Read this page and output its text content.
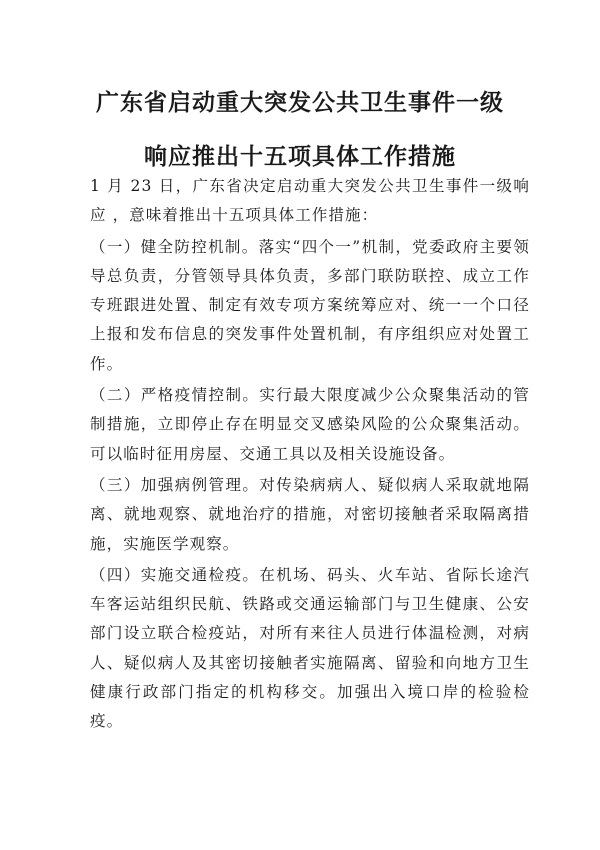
广东省启动重大突发公共卫生事件一级
响应推出十五项具体工作措施

1 月 23 日，广东省决定启动重大突发公共卫生事件一级响应 ，意味着推出十五项具体工作措施：

（一）健全防控机制。落实“四个一”机制，党委政府主要领导总负责，分管领导具体负责，多部门联防联控、成立工作专班跟进处置、制定有效专项方案统筹应对、统一一个口径上报和发布信息的突发事件处置机制，有序组织应对处置工作。

（二）严格疫情控制。实行最大限度减少公众聚集活动的管制措施，立即停止存在明显交叉感染风险的公众聚集活动。可以临时征用房屋、交通工具以及相关设施设备。

（三）加强病例管理。对传染病病人、疑似病人采取就地隔离、就地观察、就地治疗的措施，对密切接触者采取隔离措施，实施医学观察。

（四）实施交通检疫。在机场、码头、火车站、省际长途汽车客运站组织民航、铁路或交通运输部门与卫生健康、公安部门设立联合检疫站，对所有来往人员进行体温检测，对病人、疑似病人及其密切接触者实施隔离、留验和向地方卫生健康行政部门指定的机构移交。加强出入境口岸的检验检疫。
